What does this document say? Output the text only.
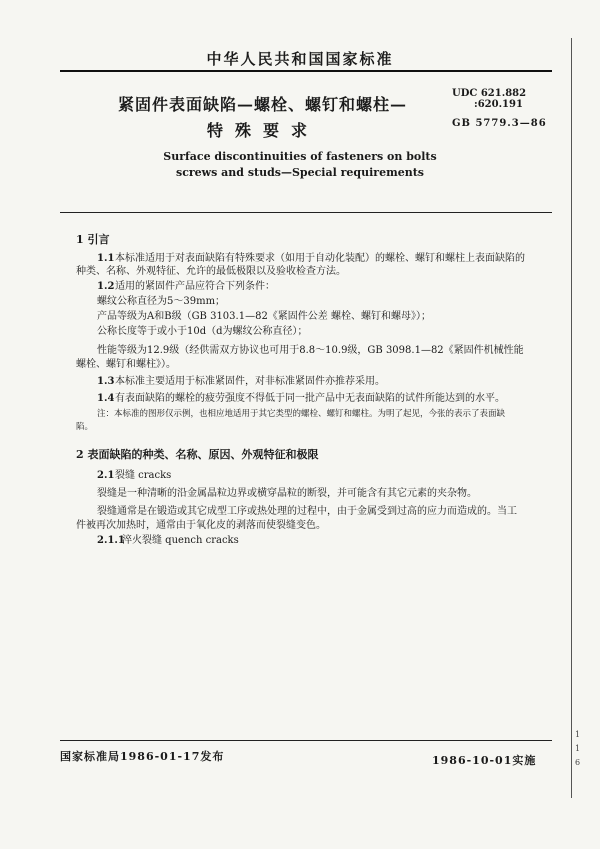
中华人民共和国国家标准
紧固件表面缺陷—螺栓、螺钉和螺柱—
特殊要求
UDC 621.882
:620.191
GB 5779.3—86
Surface discontinuities of fasteners on bolts
screws and studs—Special requirements
1 引言
1.1 本标准适用于对表面缺陷有特殊要求（如用于自动化装配）的螺栓、螺钉和螺柱上表面缺陷的
种类、名称、外观特征、允许的最低极限以及验收检查方法。
1.2 适用的紧固件产品应符合下列条件：
螺纹公称直径为5～39mm；
产品等级为A和B级（GB 3103.1—82《紧固件公差 螺栓、螺钉和螺母》）；
公称长度等于或小于10d（d为螺纹公称直径）；
性能等级为12.9级（经供需双方协议也可用于8.8～10.9级，GB 3098.1—82《紧固件机械性能
螺栓、螺钉和螺柱》）。
1.3 本标准主要适用于标准紧固件，对非标准紧固件亦推荐采用。
1.4 有表面缺陷的螺栓的疲劳强度不得低于同一批产品中无表面缺陷的试件所能达到的水平。
注：本标准的图形仅示例，也相应地适用于其它类型的螺栓、螺钉和螺柱。为明了起见，今张的表示了表面缺
陷。
2 表面缺陷的种类、名称、原因、外观特征和极限
2.1 裂缝 cracks
裂缝是一种清晰的沿金属晶粒边界或横穿晶粒的断裂，并可能含有其它元素的夹杂物。
裂缝通常是在锻造或其它成型工序或热处理的过程中，由于金属受到过高的应力而造成的。当工
件被再次加热时，通常由于氧化皮的剥落而使裂缝变色。
2.1.1
淬火裂缝 quench cracks
国家标准局1986-01-17发布	1986-10-01实施
1 1 6
